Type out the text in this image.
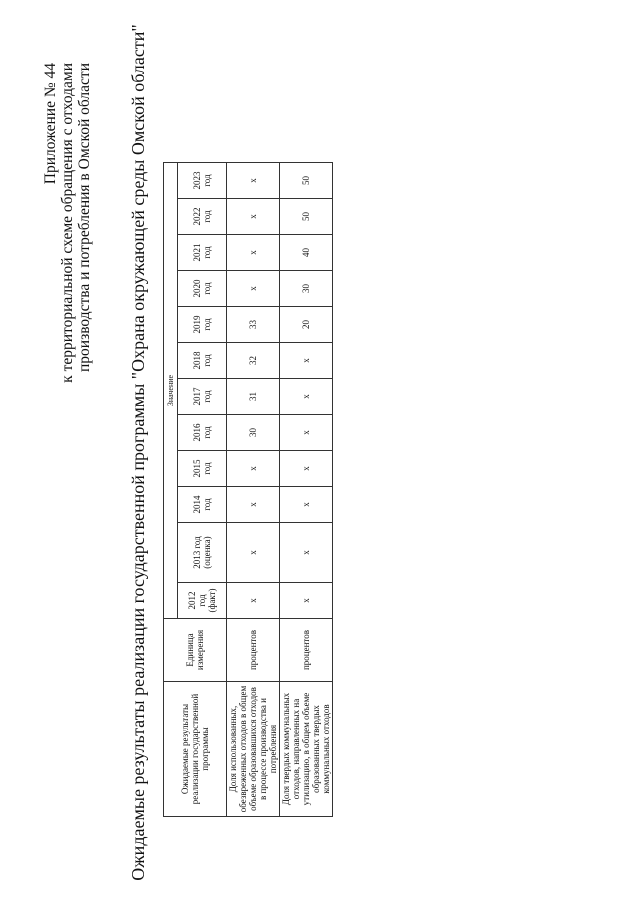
Приложение № 44 к территориальной схеме обращения с отходами производства и потребления в Омской области Ожидаемые результаты реализации государственной программы "Охрана окружающей среды Омской области"	Ожидаемые результаты реализации государственной программы	Единица измерения	Значение											
		2012 год (факт)	2013 год (оценка)	2014 год	2015 год	2016 год	2017 год	2018 год	2019 год	2020 год	2021 год	2022 год	2023 год
Доля использованных, обезвреженных отходов в общем объеме образовавшихся отходов в процессе производства и потребления	процентов	х	х	х	х	30	31	32	33	х	х	х	х
Доля твердых коммунальных отходов, направленных на утилизацию, в общем объеме образованных твердых коммунальных отходов	процентов	х	х	х	х	х	х	х	20	30	40	50	50
